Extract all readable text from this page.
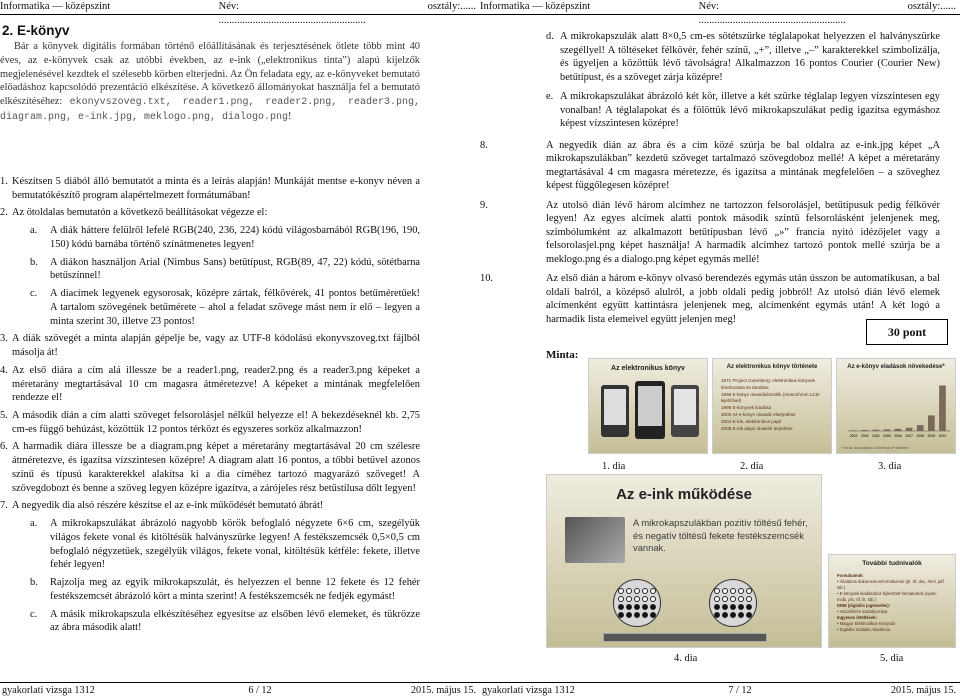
Informatika — középszint	Név: ........................................................
osztály:......
2. E-könyv

Bár a könyvek digitális formában történő előállításának és terjesztésének ötlete több mint 40 éves, az e-könyvek csak az utóbbi években, az e-ink („elektronikus tinta”) alapú kijelzők megjelenésével kezdtek el szélesebb körben elterjedni. Az Ön feladata egy, az e-könyveket bemutató előadáshoz kapcsolódó prezentáció elkészítése. A következő állományokat használja fel a bemutató elkészítéséhez: ekonyvszoveg.txt, reader1.png, reader2.png, reader3.png, diagram.png, e-ink.jpg, meklogo.png, dialogo.png!

1. Készítsen 5 diából álló bemutatót a minta és a leírás alapján! Munkáját mentse e-konyv néven a bemutatókészítő program alapértelmezett formátumában!
2. Az ötoldalas bemutatón a következő beállításokat végezze el:
a.	A diák háttere felülről lefelé RGB(240, 236, 224) kódú világosbarnából RGB(196, 190, 150) kódú barnába történő színátmenetes legyen!
b.	A diákon használjon Arial (Nimbus Sans) betűtípust, RGB(89, 47, 22) kódú, sötétbarna betűszínnel!
c.	A diacímek legyenek egysorosak, középre zártak, félkövérek, 41 pontos betűméretűek! A tartalom szövegének betűmérete – ahol a feladat szövege mást nem ír elő – legyen a minta szerint 30, illetve 23 pontos!
3. A diák szövegét a minta alapján gépelje be, vagy az UTF-8 kódolású ekonyvszoveg.txt fájlból másolja át!
4. Az első diára a cím alá illessze be a reader1.png, reader2.png és a reader3.png képeket a méretarány megtartásával 10 cm magasra átméretezve! A képeket a mintának megfelelően rendezze el!
5. A második dián a cím alatti szöveget felsorolásjel nélkül helyezze el! A bekezdéseknél kb. 2,75 cm-es függő behúzást, közöttük 12 pontos térközt és egyszeres sorköz alkalmazzon!
6. A harmadik diára illessze be a diagram.png képet a méretarány megtartásával 20 cm szélesre átméretezve, és igazítsa vízszintesen középre! A diagram alatt 16 pontos, a tőbbi betűvel azonos színű és típusú karakterekkel alakítsa ki a dia címéhez tartozó magyarázó szöveget! A szövegdobozt és benne a szöveg legyen középre igazítva, a zárójeles rész betűstílusa dőlt legyen!
7. A negyedik dia alsó részére készítse el az e-ink működését bemutató ábrát!
a.	A mikrokapszulákat ábrázoló nagyobb körök befoglaló négyzete 6×6 cm, szegélyük világos fekete vonal és kitöltésük halványszürke legyen! A festékszemcsék 0,5×0,5 cm befoglaló négyzetűek, szegélyük világos, fekete vonal, kitöltésük kétféle: fekete, illetve fehér legyen!
b.	Rajzolja meg az egyik mikrokapszulát, és helyezzen el benne 12 fekete és 12 fehér festékszemcsét ábrázoló kört a minta szerint! A festékszemcsék ne fedjék egymást!
c.	A másik mikrokapszula elkészítéséhez egyesítse az elsőben lévő elemeket, és tükrözze az ábra második alatt!
gyakorlati vizsga 1312	6 / 12	2015. május 15.
Informatika — középszint	Név: ........................................................
osztály:......
d. A mikrokapszulák alatt 8×0,5 cm-es sötétszürke téglalapokat helyezzen el halványszürke szegéllyel! A töltéseket félkövér, fehér színű, „+”, illetve „–” karakterekkel szimbolizálja, és ügyeljen a közöttük lévő távolságra! Alkalmazzon 16 pontos Courier (Courier New) betűtípust, és a szöveget zárja középre!
e. A mikrokapszulákat ábrázoló két kör, illetve a két szürke téglalap legyen vízszintesen egy vonalban! A téglalapokat és a fölöttük lévő mikrokapszulákat pedig igazítsa egymáshoz képest vízszintesen középre!
8.	A negyedik dián az ábra és a cím közé szúrja be bal oldalra az e-ink.jpg képet „A mikrokapszulákban” kezdetű szöveget tartalmazó szövegdoboz mellé! A képet a méretarány megtartásával 4 cm magasra méretezze, és igazítsa a mintának megfelelően – a szöveghez képest függőlegesen középre!
9.	Az utolsó dián lévő három alcímhez ne tartozzon felsorolásjel, betűtípusuk pedig félkövér legyen! Az egyes alcímek alatti pontok második szintű felsorolásként jelenjenek meg, szimbólumként az alkalmazott betűtípusban lévő „»” francia nyitó idézőjelet vagy a felsorolasjel.png képet használja! A harmadik alcímhez tartozó pontok mellé szúrja be a meklogo.png és a dialogo.png képet egymás mellé!
10.	Az első dián a három e-könyv olvasó berendezés egymás után ússzon be automatikusan, a bal oldali balról, a középső alulról, a jobb oldali pedig jobbról! Az utolsó dián lévő elemek alcímenként együtt kattintásra jelenjenek meg, alcímenként egymás után! A két logó a harmadik lista elemeivel együtt jelenjen meg!
30 pont
Minta:
Az elektronikus könyv
1. dia
Az elektronikus könyv története
1971 Project Gutenberg: elektronikus könyvek létrehozása és tárolása
1998 E-könyv olvasókészülék (monochrom LCD-kijelzővel)
1998 E-könyvek kiadása
2000 Az e-könyv olvasók elterjedése
2004 E-ink, elektronikus papír
2008 E-ink alapú olvasók terjedése
2. dia
Az e-könyv eladások növekedése*
2002 2003 2004 2005 2006 2007 2008 2009 2010
* forrás: Association of American Publishers
3. dia
Az e-ink működése
A mikrokapszulákban pozitív töltésű fehér, és negatív töltésű fekete festékszemcsék vannak.
4. dia
További tudnivalók
Formátumok:
• Általános dokumentumformátumok (pl. rtf, doc, html, pdf stb.)
• E-könyvek kiadásához fejlesztett formátumok (epub, mobi, prc, lrf, lit, stb.)
DRM (digitális jogkezelés):
• Hozzáférés szabályozása
Ingyenes letöltések:
• Magyar Elektronikus Könyvtár
• Digitális Irodalmi Akadémia
5. dia
gyakorlati vizsga 1312	7 / 12	2015. május 15.
